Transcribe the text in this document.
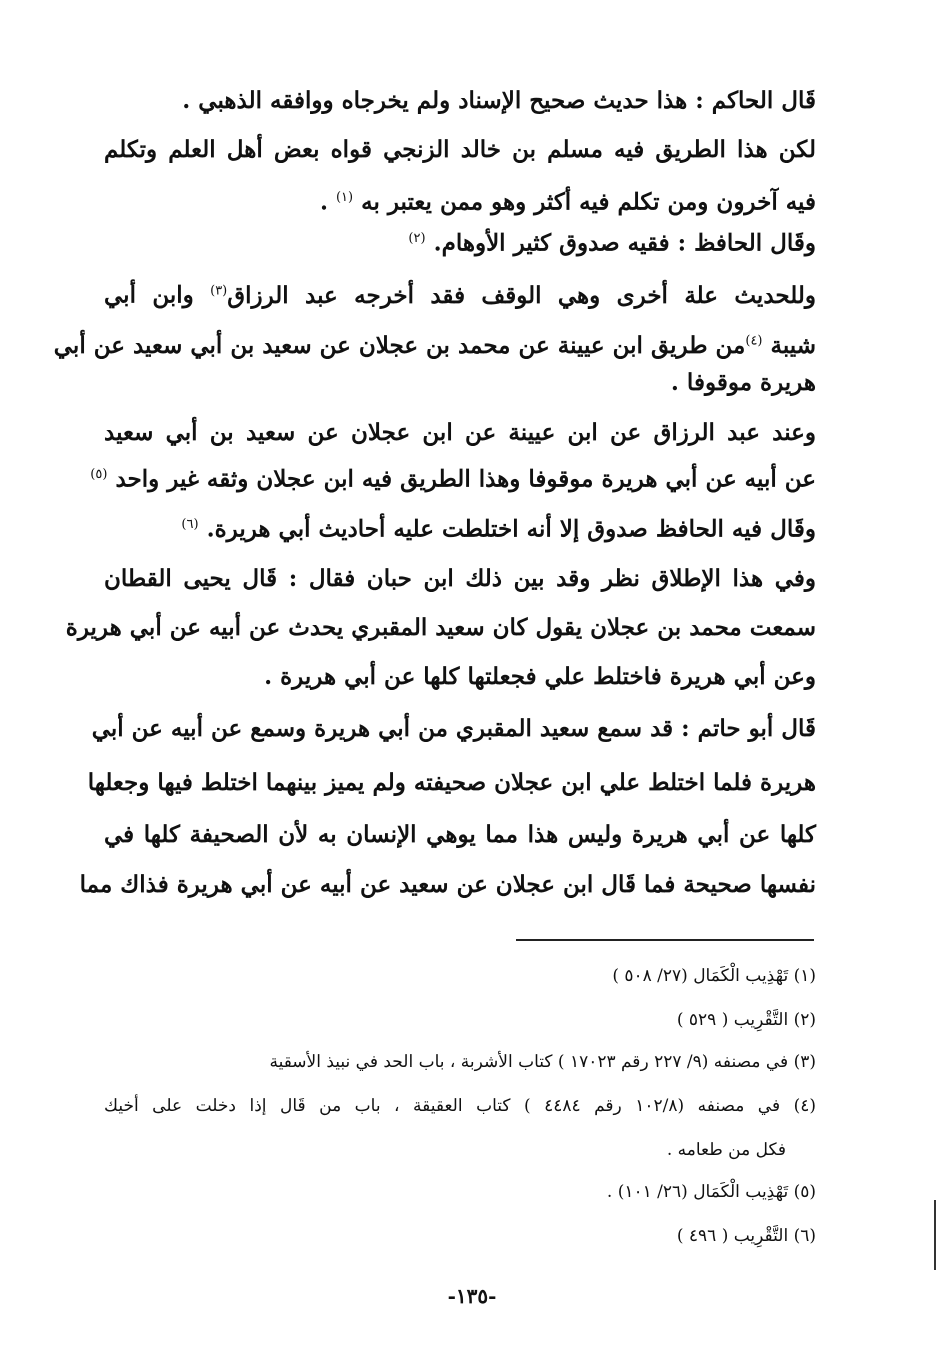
قَال الحاكم : هذا حديث صحيح الإسناد ولم يخرجاه ووافقه الذهبي .
لكن هذا الطريق فيه مسلم بن خالد الزنجي قواه بعض أهل العلم وتكلم
فيه آخرون ومن تكلم فيه أكثر وهو ممن يعتبر به $^{(١)}$ .
وقَال الحافظ : فقيه صدوق كثير الأوهام. $^{(٢)}$
وللحديث علة أخرى وهي الوقف فقد أخرجه عبد الرزاق$^{(٣)}$ وابن أبي
شيبة $^{(٤)}$من طريق ابن عيينة عن محمد بن عجلان عن سعيد بن أبي سعيد عن أبي
هريرة موقوفا .
وعند عبد الرزاق عن ابن عيينة عن ابن عجلان عن سعيد بن أبي سعيد
عن أبيه عن أبي هريرة موقوفا وهذا الطريق فيه ابن عجلان وثقه غير واحد $^{(٥)}$
وقَال فيه الحافظ صدوق إلا أنه اختلطت عليه أحاديث أبي هريرة. $^{(٦)}$
وفي هذا الإطلاق نظر وقد بين ذلك ابن حبان فقال : قَال يحيى القطان
سمعت محمد بن عجلان يقول كان سعيد المقبري يحدث عن أبيه عن أبي هريرة
وعن أبي هريرة فاختلط علي فجعلتها كلها عن أبي هريرة .
قَال أبو حاتم : قد سمع سعيد المقبري من أبي هريرة وسمع عن أبيه عن أبي
هريرة فلما اختلط علي ابن عجلان صحيفته ولم يميز بينهما اختلط فيها وجعلها
كلها عن أبي هريرة وليس هذا مما يوهي الإنسان به لأن الصحيفة كلها في
نفسها صحيحة فما قَال ابن عجلان عن سعيد عن أبيه عن أبي هريرة فذاك مما
(١) تَهْذِيب الْكَمَال (٢٧/ ٥٠٨ )
(٢) التَّقْرِيب ( ٥٢٩ )
(٣) في مصنفه (٩/ ٢٢٧ رقم ١٧٠٢٣ ) كتاب الأشربة ، باب الحد في نبيذ الأسقية
(٤) في مصنفه (١٠٢/٨ رقم ٤٤٨٤ ) كتاب العقيقة ، باب من قَال إذا دخلت على أخيك
فكل من طعامه .
(٥) تَهْذِيب الْكَمَال (٢٦/ ١٠١) .
(٦) التَّقْرِيب ( ٤٩٦ )
-١٣٥-
